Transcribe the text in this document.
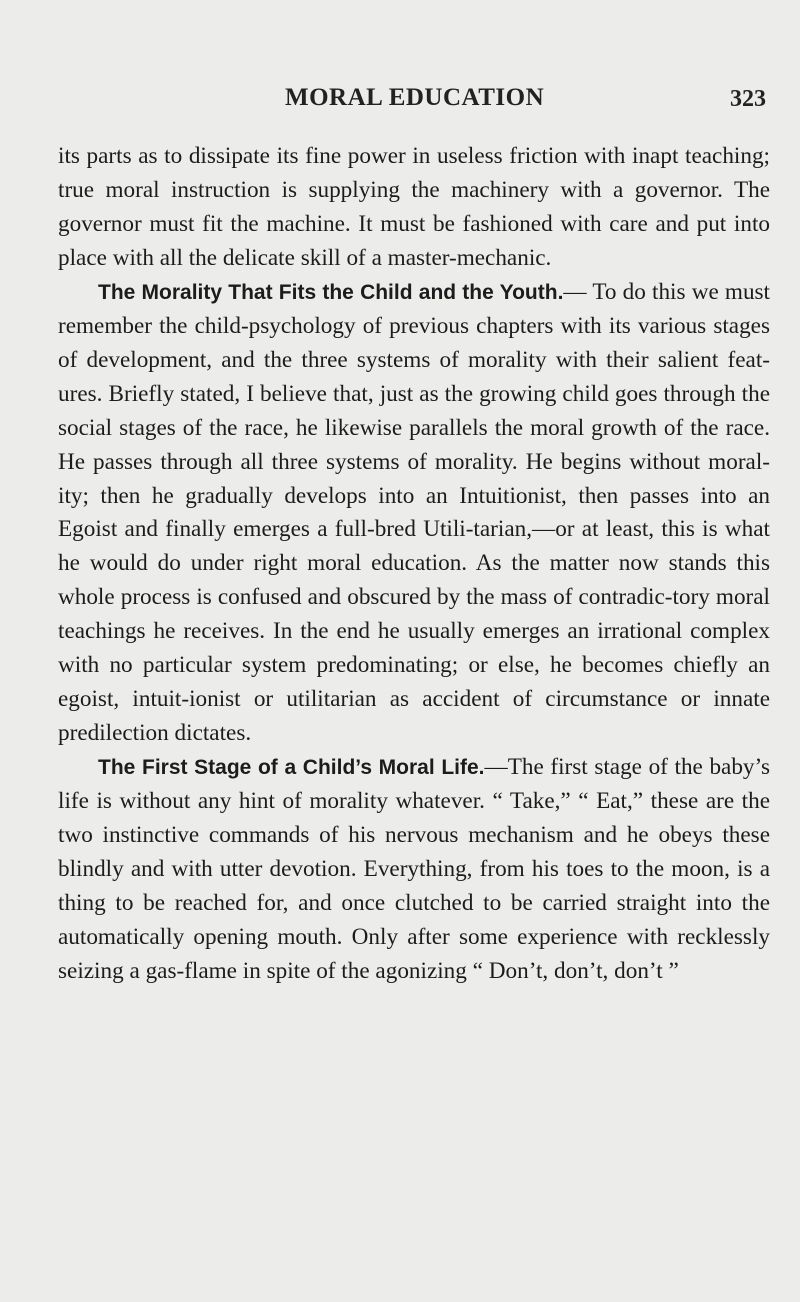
MORAL EDUCATION	323

its parts as to dissipate its fine power in useless friction with inapt teaching; true moral instruction is supplying the machinery with a governor. The governor must fit the machine. It must be fashioned with care and put into place with all the delicate skill of a master-mechanic.

The Morality That Fits the Child and the Youth.— To do this we must remember the child-psychology of previous chapters with its various stages of development, and the three systems of morality with their salient feat-ures. Briefly stated, I believe that, just as the growing child goes through the social stages of the race, he likewise parallels the moral growth of the race. He passes through all three systems of morality. He begins without moral-ity; then he gradually develops into an Intuitionist, then passes into an Egoist and finally emerges a full-bred Utili-tarian,—or at least, this is what he would do under right moral education. As the matter now stands this whole process is confused and obscured by the mass of contradic-tory moral teachings he receives. In the end he usually emerges an irrational complex with no particular system predominating; or else, he becomes chiefly an egoist, intuit-ionist or utilitarian as accident of circumstance or innate predilection dictates.

The First Stage of a Child’s Moral Life.—The first stage of the baby’s life is without any hint of morality whatever. “ Take,” “ Eat,” these are the two instinctive commands of his nervous mechanism and he obeys these blindly and with utter devotion. Everything, from his toes to the moon, is a thing to be reached for, and once clutched to be carried straight into the automatically opening mouth. Only after some experience with recklessly seizing a gas-flame in spite of the agonizing “ Don’t, don’t, don’t ”
